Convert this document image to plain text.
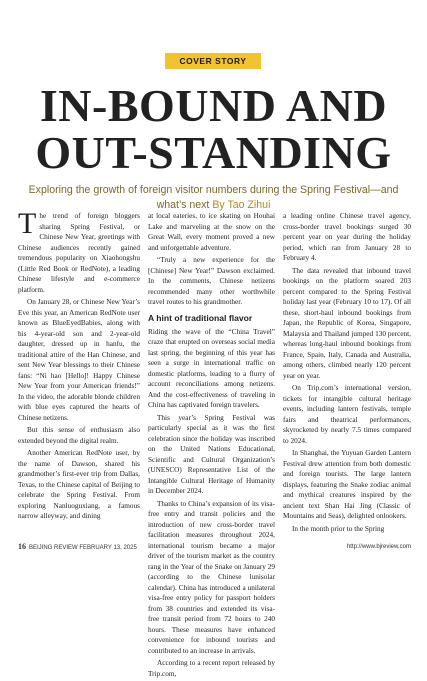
COVER STORY
IN-BOUND AND
OUT-STANDING
Exploring the growth of foreign visitor numbers during the Spring Festival—and what’s next By Tao Zihui

The trend of foreign bloggers sharing Spring Festival, or Chinese New Year, greetings with Chinese audiences recently gained tremendous popularity on Xiaohongshu (Little Red Book or RedNote), a leading Chinese lifestyle and e-commerce platform.

On January 28, or Chinese New Year’s Eve this year, an American RedNote user known as BlueEyedBabies, along with his 4-year-old son and 2-year-old daughter, dressed up in hanfu, the traditional attire of the Han Chinese, and sent New Year blessings to their Chinese fans: “Ni hao [Hello]! Happy Chinese New Year from your American friends!” In the video, the adorable blonde children with blue eyes captured the hearts of Chinese netizens.

But this sense of enthusiasm also extended beyond the digital realm.

Another American RedNote user, by the name of Dawson, shared his grandmother’s first-ever trip from Dallas, Texas, to the Chinese capital of Beijing to celebrate the Spring Festival. From exploring Nanluoguxiang, a famous narrow alleyway, and dining

at local eateries, to ice skating on Houhai Lake and marveling at the snow on the Great Wall, every moment proved a new and unforgettable adventure.

“Truly a new experience for the [Chinese] New Year!” Dawson exclaimed. In the comments, Chinese netizens recommended many other worthwhile travel routes to his grandmother.

A hint of traditional flavor

Riding the wave of the “China Travel” craze that erupted on overseas social media last spring, the beginning of this year has seen a surge in international traffic on domestic platforms, leading to a flurry of account reconciliations among netizens. And the cost-effectiveness of traveling in China has captivated foreign travelers.

This year’s Spring Festival was particularly special as it was the first celebration since the holiday was inscribed on the United Nations Educational, Scientific and Cultural Organization’s (UNESCO) Representative List of the Intangible Cultural Heritage of Humanity in December 2024.

Thanks to China’s expansion of its visa-free entry and transit policies and the introduction of new cross-border travel facilitation measures throughout 2024, international tourism became a major driver of the tourism market as the country rang in the Year of the Snake on January 29 (according to the Chinese lunisolar calendar). China has introduced a unilateral visa-free entry policy for passport holders from 38 countries and extended its visa-free transit period from 72 hours to 240 hours. These measures have enhanced convenience for inbound tourists and contributed to an increase in arrivals.

According to a recent report released by Trip.com,

a leading online Chinese travel agency, cross-border travel bookings surged 30 percent year on year during the holiday period, which ran from January 28 to February 4.

The data revealed that inbound travel bookings on the platform soared 203 percent compared to the Spring Festival holiday last year (February 10 to 17). Of all these, short-haul inbound bookings from Japan, the Republic of Korea, Singapore, Malaysia and Thailand jumped 130 percent, whereas long-haul inbound bookings from France, Spain, Italy, Canada and Australia, among others, climbed nearly 120 percent year on year.

On Trip.com’s international version, tickets for intangible cultural heritage events, including lantern festivals, temple fairs and theatrical performances, skyrocketed by nearly 7.5 times compared to 2024.

In Shanghai, the Yuyuan Garden Lantern Festival drew attention from both domestic and foreign tourists. The large lantern displays, featuring the Snake zodiac animal and mythical creatures inspired by the ancient text Shan Hai Jing (Classic of Mountains and Seas), delighted onlookers.

In the month prior to the Spring

16 BEIJING REVIEW FEBRUARY 13, 2025	http://www.bjreview.com
